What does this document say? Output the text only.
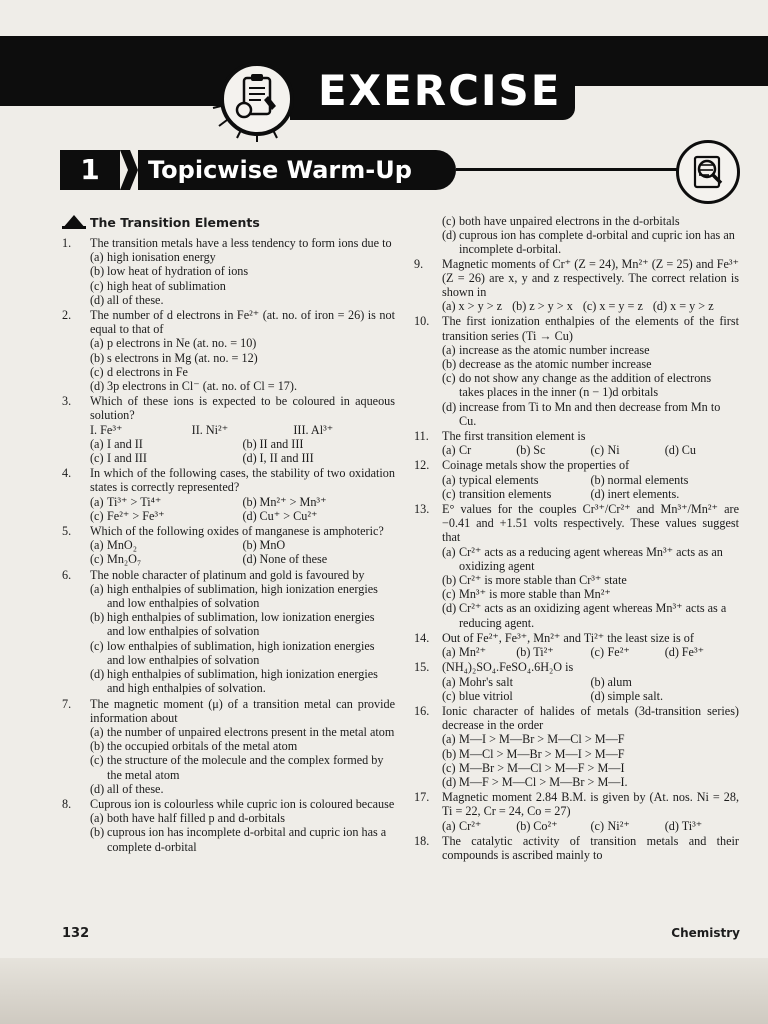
EXERCISE
1	Topicwise Warm-Up
The Transition Elements
1.	The transition metals have a less tendency to form ions due to
(a) high ionisation energy
(b) low heat of hydration of ions
(c) high heat of sublimation
(d) all of these.
2.	The number of d electrons in Fe²⁺ (at. no. of iron = 26) is not equal to that of
(a) p electrons in Ne (at. no. = 10)
(b) s electrons in Mg (at. no. = 12)
(c) d electrons in Fe
(d) 3p electrons in Cl⁻ (at. no. of Cl = 17).
3.	Which of these ions is expected to be coloured in aqueous solution?
I. Fe³⁺	II. Ni²⁺	III. Al³⁺
(a) I and II	(b) II and III
(c) I and III	(d) I, II and III
4.	In which of the following cases, the stability of two oxidation states is correctly represented?
(a) Ti³⁺ > Ti⁴⁺	(b) Mn²⁺ > Mn³⁺
(c) Fe²⁺ > Fe³⁺	(d) Cu⁺ > Cu²⁺
5.	Which of the following oxides of manganese is amphoteric?
(a) MnO₂	(b) MnO
(c) Mn₂O₇	(d) None of these
6.	The noble character of platinum and gold is favoured by
(a) high enthalpies of sublimation, high ionization energies and low enthalpies of solvation
(b) high enthalpies of sublimation, low ionization energies and low enthalpies of solvation
(c) low enthalpies of sublimation, high ionization energies and low enthalpies of solvation
(d) high enthalpies of sublimation, high ionization energies and high enthalpies of solvation.
7.	The magnetic moment (μ) of a transition metal can provide information about
(a) the number of unpaired electrons present in the metal atom
(b) the occupied orbitals of the metal atom
(c) the structure of the molecule and the complex formed by the metal atom
(d) all of these.
8.	Cuprous ion is colourless while cupric ion is coloured because
(a) both have half filled p and d-orbitals
(b) cuprous ion has incomplete d-orbital and cupric ion has a complete d-orbital
(c) both have unpaired electrons in the d-orbitals
(d) cuprous ion has complete d-orbital and cupric ion has an incomplete d-orbital.
9.	Magnetic moments of Cr⁺ (Z = 24), Mn²⁺ (Z = 25) and Fe³⁺ (Z = 26) are x, y and z respectively. The correct relation is shown in
(a) x > y > z (b) z > y > x (c) x = y = z (d) x = y > z
10.	The first ionization enthalpies of the elements of the first transition series (Ti → Cu)
(a) increase as the atomic number increase
(b) decrease as the atomic number increase
(c) do not show any change as the addition of electrons takes places in the inner (n − 1)d orbitals
(d) increase from Ti to Mn and then decrease from Mn to Cu.
11.	The first transition element is
(a) Cr	(b) Sc	(c) Ni	(d) Cu
12.	Coinage metals show the properties of
(a) typical elements	(b) normal elements
(c) transition elements	(d) inert elements.
13.	E° values for the couples Cr³⁺/Cr²⁺ and Mn³⁺/Mn²⁺ are −0.41 and +1.51 volts respectively. These values suggest that
(a) Cr²⁺ acts as a reducing agent whereas Mn³⁺ acts as an oxidizing agent
(b) Cr²⁺ is more stable than Cr³⁺ state
(c) Mn³⁺ is more stable than Mn²⁺
(d) Cr²⁺ acts as an oxidizing agent whereas Mn³⁺ acts as a reducing agent.
14.	Out of Fe²⁺, Fe³⁺, Mn²⁺ and Ti²⁺ the least size is of
(a) Mn²⁺	(b) Ti²⁺	(c) Fe²⁺	(d) Fe³⁺
15.	(NH₄)₂SO₄.FeSO₄.6H₂O is
(a) Mohr's salt	(b) alum
(c) blue vitriol	(d) simple salt.
16.	Ionic character of halides of metals (3d-transition series) decrease in the order
(a) M—I > M—Br > M—Cl > M—F
(b) M—Cl > M—Br > M—I > M—F
(c) M—Br > M—Cl > M—F > M—I
(d) M—F > M—Cl > M—Br > M—I.
17.	Magnetic moment 2.84 B.M. is given by (At. nos. Ni = 28, Ti = 22, Cr = 24, Co = 27)
(a) Cr²⁺	(b) Co²⁺	(c) Ni²⁺	(d) Ti³⁺
18.	The catalytic activity of transition metals and their compounds is ascribed mainly to
132	Chemistry
